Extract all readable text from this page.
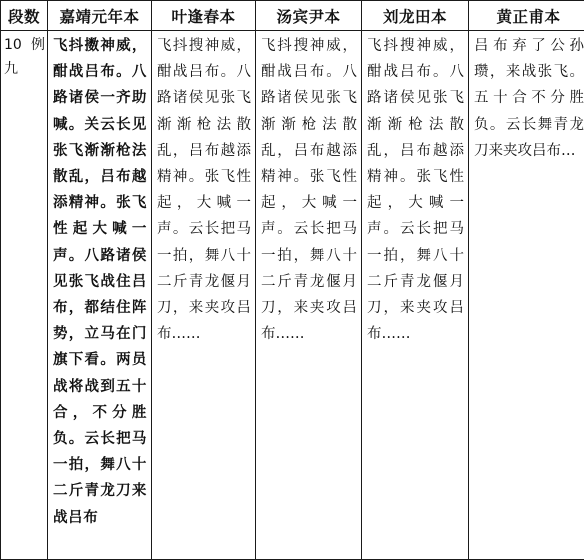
段数	嘉靖元年本	叶逢春本	汤宾尹本	刘龙田本	黄正甫本

10 例九	飞抖擞神威，酣战吕布。八路诸侯一齐助喊。关云长见张飞渐渐枪法散乱，吕布越添精神。张飞性起大喊一声。八路诸侯见张飞战住吕布，都结住阵势，立马在门旗下看。两员战将战到五十合，不分胜负。云长把马一拍，舞八十二斤青龙刀来战吕布	飞抖搜神威，酣战吕布。八路诸侯见张飞渐渐枪法散乱，吕布越添精神。张飞性起，大喊一声。云长把马一拍，舞八十二斤青龙偃月刀，来夹攻吕布……	飞抖搜神威，酣战吕布。八路诸侯见张飞渐渐枪法散乱，吕布越添精神。张飞性起，大喊一声。云长把马一拍，舞八十二斤青龙偃月刀，来夹攻吕布……	飞抖搜神威，酣战吕布。八路诸侯见张飞渐渐枪法散乱，吕布越添精神。张飞性起，大喊一声。云长把马一拍，舞八十二斤青龙偃月刀，来夹攻吕布……	吕布弃了公孙瓒，来战张飞。五十合不分胜负。云长舞青龙刀来夹攻吕布…
